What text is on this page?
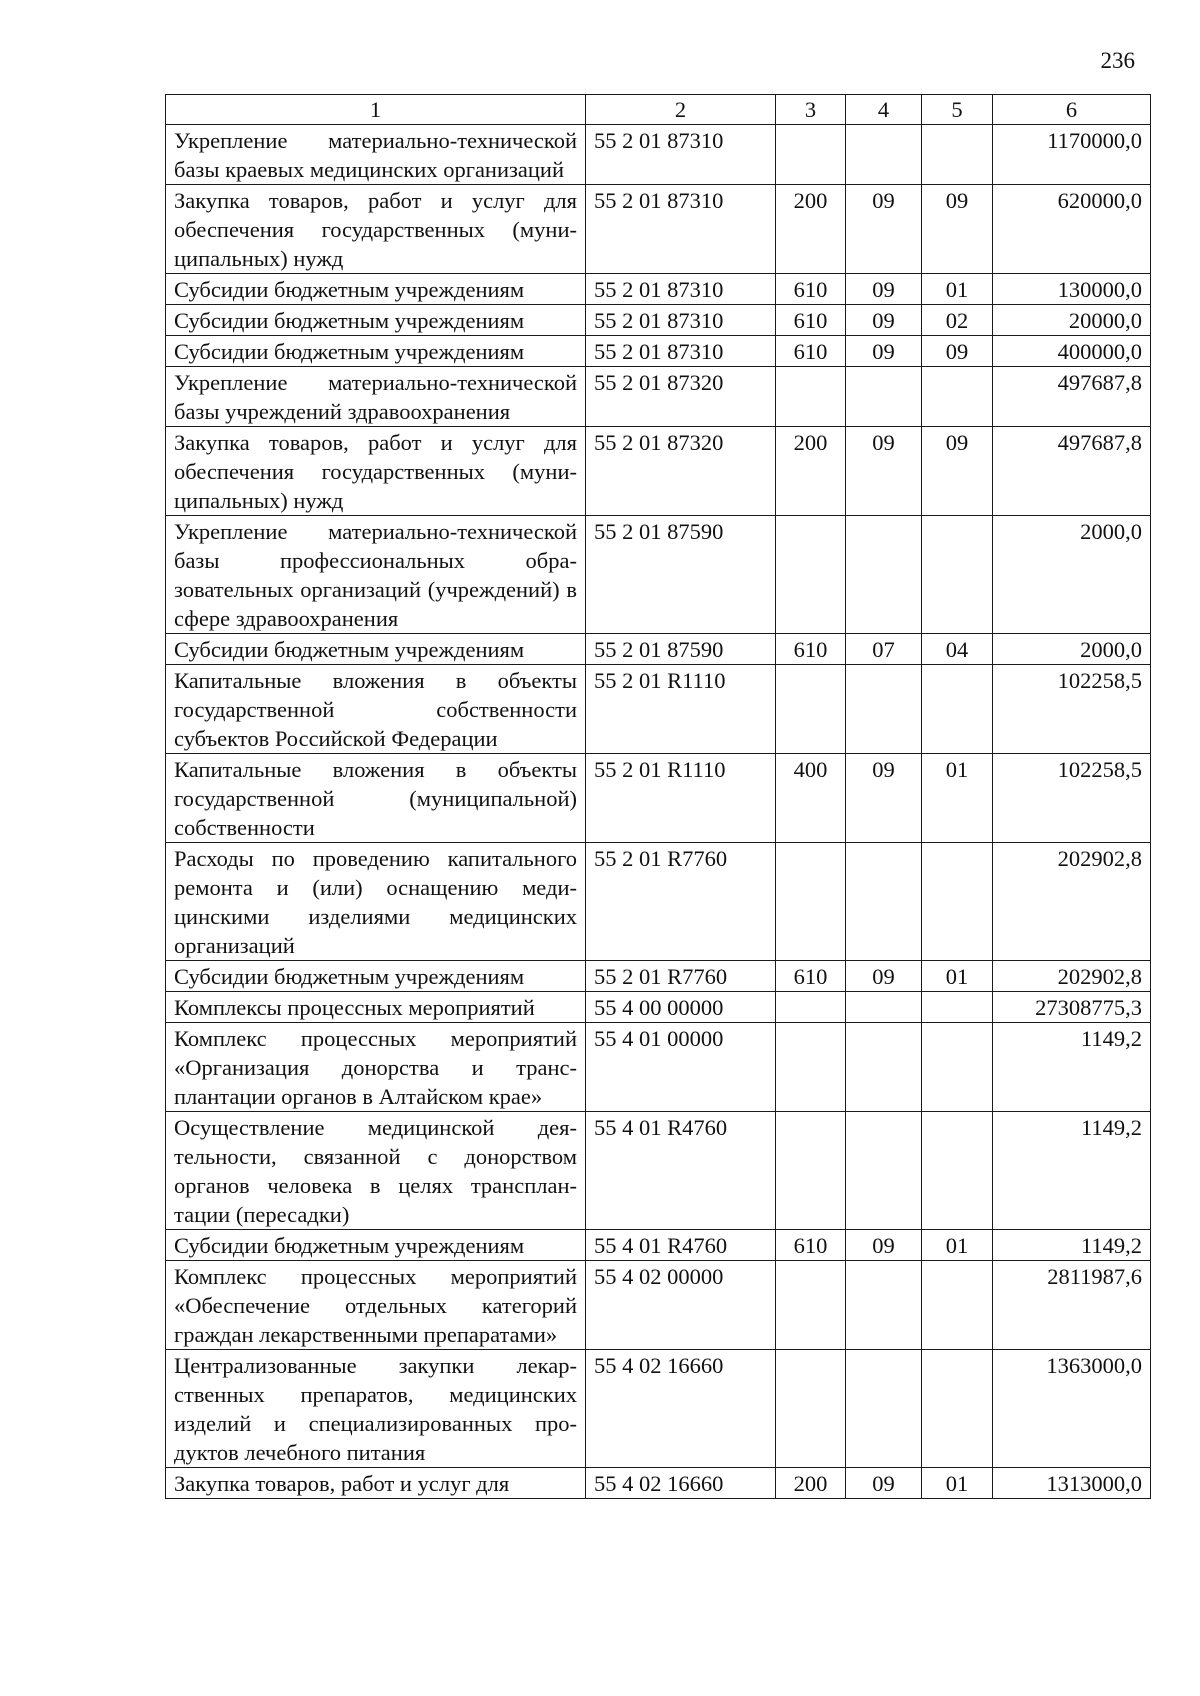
236
1	2	3	4	5	6
Укрепление материально-технической базы краевых медицинских организаций	55 2 01 87310				1170000,0
Закупка товаров, работ и услуг для обеспечения государственных (муниципальных) нужд	55 2 01 87310	200	09	09	620000,0
Субсидии бюджетным учреждениям	55 2 01 87310	610	09	01	130000,0
Субсидии бюджетным учреждениям	55 2 01 87310	610	09	02	20000,0
Субсидии бюджетным учреждениям	55 2 01 87310	610	09	09	400000,0
Укрепление материально-технической базы учреждений здравоохранения	55 2 01 87320				497687,8
Закупка товаров, работ и услуг для обеспечения государственных (муниципальных) нужд	55 2 01 87320	200	09	09	497687,8
Укрепление материально-технической базы профессиональных образовательных организаций (учреждений) в сфере здравоохранения	55 2 01 87590				2000,0
Субсидии бюджетным учреждениям	55 2 01 87590	610	07	04	2000,0
Капитальные вложения в объекты государственной собственности субъектов Российской Федерации	55 2 01 R1110				102258,5
Капитальные вложения в объекты государственной (муниципальной) собственности	55 2 01 R1110	400	09	01	102258,5
Расходы по проведению капитального ремонта и (или) оснащению медицинскими изделиями медицинских организаций	55 2 01 R7760				202902,8
Субсидии бюджетным учреждениям	55 2 01 R7760	610	09	01	202902,8
Комплексы процессных мероприятий	55 4 00 00000				27308775,3
Комплекс процессных мероприятий «Организация донорства и трансплантации органов в Алтайском крае»	55 4 01 00000				1149,2
Осуществление медицинской деятельности, связанной с донорством органов человека в целях трансплантации (пересадки)	55 4 01 R4760				1149,2
Субсидии бюджетным учреждениям	55 4 01 R4760	610	09	01	1149,2
Комплекс процессных мероприятий «Обеспечение отдельных категорий граждан лекарственными препаратами»	55 4 02 00000				2811987,6
Централизованные закупки лекарственных препаратов, медицинских изделий и специализированных продуктов лечебного питания	55 4 02 16660				1363000,0
Закупка товаров, работ и услуг для	55 4 02 16660	200	09	01	1313000,0
